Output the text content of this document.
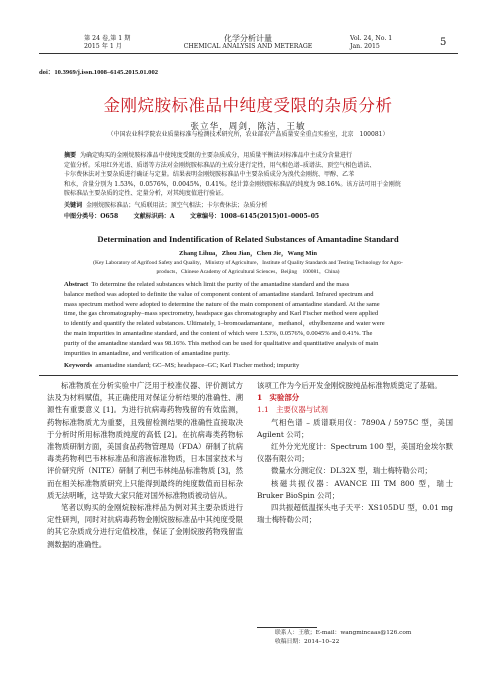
第 24 卷,第 1 期
2015 年 1 月
化学分析计量
CHEMICAL ANALYSIS AND METERAGE
Vol. 24, No. 1
Jan. 2015	5
doi：10.3969/j.issn.1008–6145.2015.01.002
金刚烷胺标准品中纯度受限的杂质分析
张立华，周剑，陈洁，王敏
（中国农业科学院农业质量标准与检测技术研究所，农业部农产品质量安全重点实验室，北京　100081）
摘要 为确定购买的金刚烷胺标准品中使纯度受限的主要杂质成分，用质量平衡法对标准品中主成分含量进行
定值分析。采用红外光谱、质谱等方法对金刚烷胺标准品的主成分进行定性，用气相色谱–质谱法、顶空气相色谱法、
卡尔费休法对主要杂质进行确证与定量。结果表明金刚烷胺标准品中主要杂质成分为溴代金刚烷、甲醇、乙苯
和水，含量分别为 1.53%，0.0576%，0.0045%，0.41%。经计算金刚烷胺标准品的纯度为 98.16%。该方法可用于金刚烷
胺标准品主要杂质的定性、定量分析，对其纯度值进行验证。
关键词 金刚烷胺标准品；气质联用法；顶空气相法；卡尔费休法；杂质分析
中图分类号：O658	文献标识码：A	文章编号：1008–6145(2015)01–0005–05
Determination and Indentification of Related Substances of Amantadine Standard
Zhang Lihua，Zhou Jian，Chen Jie，Wang Min
(Key Laboratory of Agrifood Safety and Quality，Ministry of Agriculture，Institute of Quality Standards and Testing Technology for Agro-
products，Chinese Academy of Agricultural Sciences，Beijing　100081，China)
Abstract To determine the related substances which limit the purity of the amantadine standard and the mass
balance method was adopted to definite the value of component content of amantadine standard. Infrared spectrum and
mass spectrum method were adopted to determine the nature of the main component of amantadine standard. At the same
time, the gas chromatography–mass spectrometry, headspace gas chromatography and Karl Fischer method were applied
to identify and quantify the related substances. Ultimately, 1–bromoadamantane，methanol，ethylbenzene and water were
the main impurities in amantadine standard, and the content of which were 1.53%, 0.0576%, 0.0045% and 0.41%. The
purity of the amantadine standard was 98.16%. This method can be used for qualitative and quantitative analysis of main
impurities in amantadine, and verification of amantadine purity.
Keywords amantadine standard; GC–MS; headspace–GC; Karl Fischer method; impurity

标准物质在分析实验中广泛用于校准仪器、评价测试方法及为材料赋值，其正确使用对保证分析结果的准确性、溯源性有重要意义 [1]。为进行抗病毒药物残留的有效监测，药物标准物质尤为重要，且残留检测结果的准确性直接取决于分析时所用标准物质纯度的高低 [2]。在抗病毒类药物标准物质研制方面，美国食品药物管理局（FDA）研制了抗病毒类药物利巴韦林标准品和溶液标准物质，日本国家技术与评价研究所（NITE）研制了利巴韦林纯品标准物质 [3]，然而在相关标准物质研究上只能得到最终的纯度数值而目标杂质无法明晰，这导致大家只能对国外标准物质被动信从。

笔者以购买的金刚烷胺标准样品为例对其主要杂质进行定性研判，同时对抗病毒药物金刚烷胺标准品中其纯度受限的其它杂质成分进行定值校准，保证了金刚烷胺药物残留监测数据的准确性。

该项工作为今后开发金刚烷胺纯品标准物质奠定了基础。

1　实验部分

1.1　主要仪器与试剂

气相色谱 – 质谱联用仪：7890A / 5975C 型，美国 Agilent 公司；

红外分光光度计：Spectrum 100 型，美国珀金埃尔默仪器有限公司；

微量水分测定仪：DL32X 型，瑞士梅特勒公司；

核磁共振仪器：AVANCE III TM 800 型，瑞士 Bruker BioSpin 公司；

四共振超低温探头电子天平：XS105DU 型，0.01 mg 瑞士梅特勒公司；

联系人：王敏；E-mail：wangmincaas@126.com
收稿日期：2014–10–22
